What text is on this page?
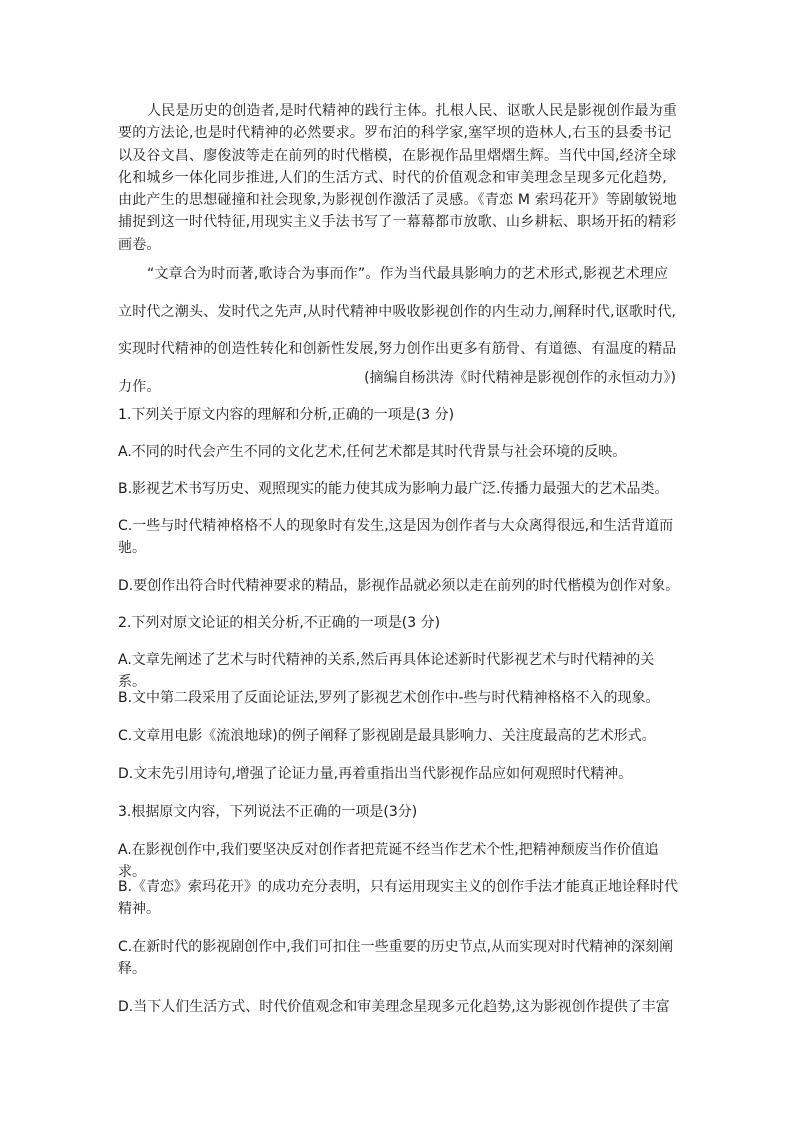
人民是历史的创造者,是时代精神的践行主体。扎根人民、讴歌人民是影视创作最为重要的方法论,也是时代精神的必然要求。罗布泊的科学家,塞罕坝的造林人,右玉的县委书记以及谷文昌、廖俊波等走在前列的时代楷模，在影视作品里熠熠生辉。当代中国,经济全球化和城乡一体化同步推进,人们的生活方式、时代的价值观念和审美理念呈现多元化趋势,由此产生的思想碰撞和社会现象,为影视创作激活了灵感。《青恋 M 索玛花开》等剧敏锐地捕捉到这一时代特征,用现实主义手法书写了一幕幕都市放歌、山乡耕耘、职场开拓的精彩画卷。

“文章合为时而著,歌诗合为事而作”。作为当代最具影响力的艺术形式,影视艺术理应立时代之潮头、发时代之先声,从时代精神中吸收影视创作的内生动力,阐释时代,讴歌时代,实现时代精神的创造性转化和创新性发展,努力创作出更多有筋骨、有道德、有温度的精品力作。

(摘编自杨洪涛《时代精神是影视创作的永恒动力》)

1.下列关于原文内容的理解和分析,正确的一项是(3 分)

A.不同的时代会产生不同的文化艺术,任何艺术都是其时代背景与社会环境的反映。

B.影视艺术书写历史、观照现实的能力使其成为影响力最广泛.传播力最强大的艺术品类。

C.一些与时代精神格格不人的现象时有发生,这是因为创作者与大众离得很远,和生活背道而驰。

D.要创作出符合时代精神要求的精品，影视作品就必须以走在前列的时代楷模为创作对象。

2.下列对原文论证的相关分析,不正确的一项是(3 分)

A.文章先阐述了艺术与时代精神的关系,然后再具体论述新时代影视艺术与时代精神的关系。

B.文中第二段采用了反面论证法,罗列了影视艺术创作中-些与时代精神格格不入的现象。

C.文章用电影《流浪地球)的例子阐释了影视剧是最具影响力、关注度最高的艺术形式。

D.文末先引用诗句,增强了论证力量,再着重指出当代影视作品应如何观照时代精神。

3.根据原文内容，下列说法不正确的一项是(3分)

A.在影视创作中,我们要坚决反对创作者把荒诞不经当作艺术个性,把精神颓废当作价值追求。

B.《青恋》索玛花开》的成功充分表明，只有运用现实主义的创作手法才能真正地诠释时代精神。

C.在新时代的影视剧创作中,我们可扣住一些重要的历史节点,从而实现对时代精神的深刻阐释。

D.当下人们生活方式、时代价值观念和审美理念星现多元化趋势,这为影视创作提供了丰富
